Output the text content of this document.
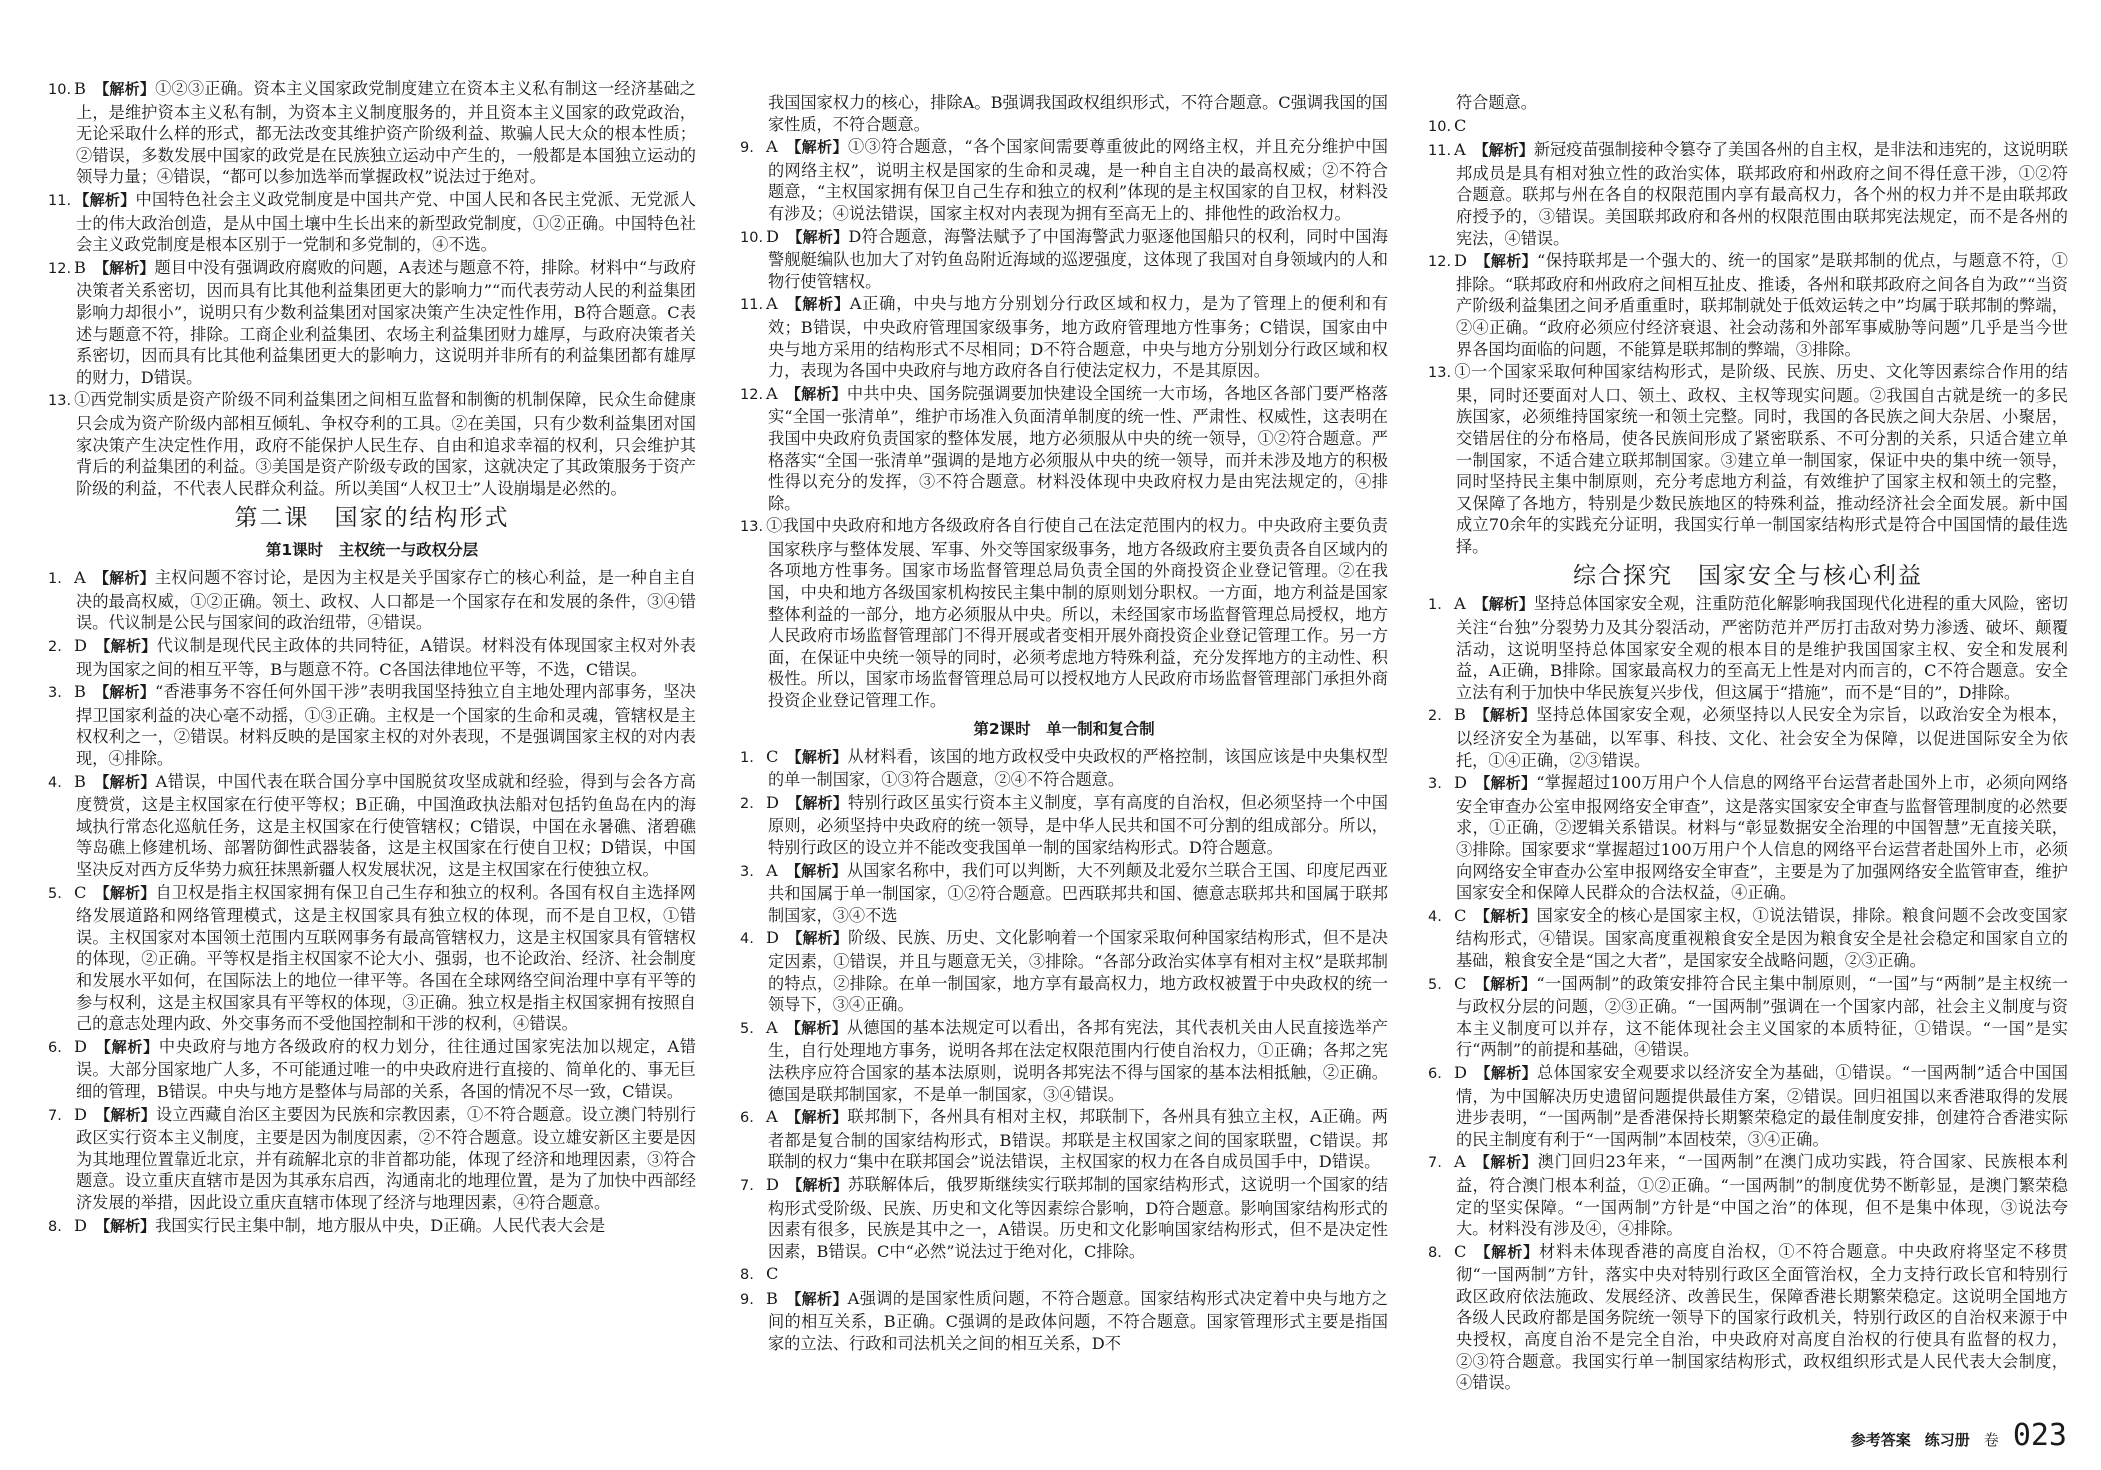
10. B  【解析】①②③正确。资本主义国家政党制度建立在资本主义私有制这一经济基础之上，是维护资本主义私有制，为资本主义制度服务的，并且资本主义国家的政党政治，无论采取什么样的形式，都无法改变其维护资产阶级利益、欺骗人民大众的根本性质；②错误，多数发展中国家的政党是在民族独立运动中产生的，一般都是本国独立运动的领导力量；④错误，“都可以参加选举而掌握政权”说法过于绝对。

11. 【解析】中国特色社会主义政党制度是中国共产党、中国人民和各民主党派、无党派人士的伟大政治创造，是从中国土壤中生长出来的新型政党制度，①②正确。中国特色社会主义政党制度是根本区别于一党制和多党制的，④不选。

12. B  【解析】题目中没有强调政府腐败的问题，A表述与题意不符，排除。材料中“与政府决策者关系密切，因而具有比其他利益集团更大的影响力”“而代表劳动人民的利益集团影响力却很小”，说明只有少数利益集团对国家决策产生决定性作用，B符合题意。C表述与题意不符，排除。工商企业利益集团、农场主利益集团财力雄厚，与政府决策者关系密切，因而具有比其他利益集团更大的影响力，这说明并非所有的利益集团都有雄厚的财力，D错误。

13. ①西党制实质是资产阶级不同利益集团之间相互监督和制衡的机制保障，民众生命健康只会成为资产阶级内部相互倾轧、争权夺利的工具。②在美国，只有少数利益集团对国家决策产生决定性作用，政府不能保护人民生存、自由和追求幸福的权利，只会维护其背后的利益集团的利益。③美国是资产阶级专政的国家，这就决定了其政策服务于资产阶级的利益，不代表人民群众利益。所以美国“人权卫士”人设崩塌是必然的。

第二课　国家的结构形式
第1课时　主权统一与政权分层

1. A  【解析】主权问题不容讨论，是因为主权是关乎国家存亡的核心利益，是一种自主自决的最高权威，①②正确。领土、政权、人口都是一个国家存在和发展的条件，③④错误。代议制是公民与国家间的政治纽带，④错误。

2. D  【解析】代议制是现代民主政体的共同特征，A错误。材料没有体现国家主权对外表现为国家之间的相互平等，B与题意不符。C各国法律地位平等，不选，C错误。

3. B  【解析】“香港事务不容任何外国干涉”表明我国坚持独立自主地处理内部事务，坚决捍卫国家利益的决心毫不动摇，①③正确。主权是一个国家的生命和灵魂，管辖权是主权权利之一，②错误。材料反映的是国家主权的对外表现，不是强调国家主权的对内表现，④排除。

4. B  【解析】A错误，中国代表在联合国分享中国脱贫攻坚成就和经验，得到与会各方高度赞赏，这是主权国家在行使平等权；B正确，中国渔政执法船对包括钓鱼岛在内的海域执行常态化巡航任务，这是主权国家在行使管辖权；C错误，中国在永暑礁、渚碧礁等岛礁上修建机场、部署防御性武器装备，这是主权国家在行使自卫权；D错误，中国坚决反对西方反华势力疯狂抹黑新疆人权发展状况，这是主权国家在行使独立权。

5. C  【解析】自卫权是指主权国家拥有保卫自己生存和独立的权利。各国有权自主选择网络发展道路和网络管理模式，这是主权国家具有独立权的体现，而不是自卫权，①错误。主权国家对本国领土范围内互联网事务有最高管辖权力，这是主权国家具有管辖权的体现，②正确。平等权是指主权国家不论大小、强弱，也不论政治、经济、社会制度和发展水平如何，在国际法上的地位一律平等。各国在全球网络空间治理中享有平等的参与权利，这是主权国家具有平等权的体现，③正确。独立权是指主权国家拥有按照自己的意志处理内政、外交事务而不受他国控制和干涉的权利，④错误。

6. D  【解析】中央政府与地方各级政府的权力划分，往往通过国家宪法加以规定，A错误。大部分国家地广人多，不可能通过唯一的中央政府进行直接的、简单化的、事无巨细的管理，B错误。中央与地方是整体与局部的关系，各国的情况不尽一致，C错误。

7. D  【解析】设立西藏自治区主要因为民族和宗教因素，①不符合题意。设立澳门特别行政区实行资本主义制度，主要是因为制度因素，②不符合题意。设立雄安新区主要是因为其地理位置靠近北京，并有疏解北京的非首都功能，体现了经济和地理因素，③符合题意。设立重庆直辖市是因为其承东启西，沟通南北的地理位置，是为了加快中西部经济发展的举措，因此设立重庆直辖市体现了经济与地理因素，④符合题意。

8. D  【解析】我国实行民主集中制，地方服从中央，D正确。人民代表大会是

我国国家权力的核心，排除A。B强调我国政权组织形式，不符合题意。C强调我国的国家性质，不符合题意。

9. A  【解析】①③符合题意，“各个国家间需要尊重彼此的网络主权，并且充分维护中国的网络主权”，说明主权是国家的生命和灵魂，是一种自主自决的最高权威；②不符合题意，“主权国家拥有保卫自己生存和独立的权利”体现的是主权国家的自卫权，材料没有涉及；④说法错误，国家主权对内表现为拥有至高无上的、排他性的政治权力。

10. D  【解析】D符合题意，海警法赋予了中国海警武力驱逐他国船只的权利，同时中国海警舰艇编队也加大了对钓鱼岛附近海域的巡逻强度，这体现了我国对自身领域内的人和物行使管辖权。

11. A  【解析】A正确，中央与地方分别划分行政区域和权力，是为了管理上的便利和有效；B错误，中央政府管理国家级事务，地方政府管理地方性事务；C错误，国家由中央与地方采用的结构形式不尽相同；D不符合题意，中央与地方分别划分行政区域和权力，表现为各国中央政府与地方政府各自行使法定权力，不是其原因。

12. A  【解析】中共中央、国务院强调要加快建设全国统一大市场，各地区各部门要严格落实“全国一张清单”，维护市场准入负面清单制度的统一性、严肃性、权威性，这表明在我国中央政府负责国家的整体发展，地方必须服从中央的统一领导，①②符合题意。严格落实“全国一张清单”强调的是地方必须服从中央的统一领导，而并未涉及地方的积极性得以充分的发挥，③不符合题意。材料没体现中央政府权力是由宪法规定的，④排除。

13. ①我国中央政府和地方各级政府各自行使自己在法定范围内的权力。中央政府主要负责国家秩序与整体发展、军事、外交等国家级事务，地方各级政府主要负责各自区域内的各项地方性事务。国家市场监督管理总局负责全国的外商投资企业登记管理。②在我国，中央和地方各级国家机构按民主集中制的原则划分职权。一方面，地方利益是国家整体利益的一部分，地方必须服从中央。所以，未经国家市场监督管理总局授权，地方人民政府市场监督管理部门不得开展或者变相开展外商投资企业登记管理工作。另一方面，在保证中央统一领导的同时，必须考虑地方特殊利益，充分发挥地方的主动性、积极性。所以，国家市场监督管理总局可以授权地方人民政府市场监督管理部门承担外商投资企业登记管理工作。

第2课时　单一制和复合制

1. C  【解析】从材料看，该国的地方政权受中央政权的严格控制，该国应该是中央集权型的单一制国家，①③符合题意，②④不符合题意。

2. D  【解析】特别行政区虽实行资本主义制度，享有高度的自治权，但必须坚持一个中国原则，必须坚持中央政府的统一领导，是中华人民共和国不可分割的组成部分。所以，特别行政区的设立并不能改变我国单一制的国家结构形式。D符合题意。

3. A  【解析】从国家名称中，我们可以判断，大不列颠及北爱尔兰联合王国、印度尼西亚共和国属于单一制国家，①②符合题意。巴西联邦共和国、德意志联邦共和国属于联邦制国家，③④不选

4. D  【解析】阶级、民族、历史、文化影响着一个国家采取何种国家结构形式，但不是决定因素，①错误，并且与题意无关，③排除。“各部分政治实体享有相对主权”是联邦制的特点，②排除。在单一制国家，地方享有最高权力，地方政权被置于中央政权的统一领导下，③④正确。

5. A  【解析】从德国的基本法规定可以看出，各邦有宪法，其代表机关由人民直接选举产生，自行处理地方事务，说明各邦在法定权限范围内行使自治权力，①正确；各邦之宪法秩序应符合国家的基本法原则，说明各邦宪法不得与国家的基本法相抵触，②正确。德国是联邦制国家，不是单一制国家，③④错误。

6. A  【解析】联邦制下，各州具有相对主权，邦联制下，各州具有独立主权，A正确。两者都是复合制的国家结构形式，B错误。邦联是主权国家之间的国家联盟，C错误。邦联制的权力“集中在联邦国会”说法错误，主权国家的权力在各自成员国手中，D错误。

7. D  【解析】苏联解体后，俄罗斯继续实行联邦制的国家结构形式，这说明一个国家的结构形式受阶级、民族、历史和文化等因素综合影响，D符合题意。影响国家结构形式的因素有很多，民族是其中之一，A错误。历史和文化影响国家结构形式，但不是决定性因素，B错误。C中“必然”说法过于绝对化，C排除。

8. C 

9. B  【解析】A强调的是国家性质问题，不符合题意。国家结构形式决定着中央与地方之间的相互关系，B正确。C强调的是政体问题，不符合题意。国家管理形式主要是指国家的立法、行政和司法机关之间的相互关系，D不

符合题意。

10. C 

11. A  【解析】新冠疫苗强制接种令篡夺了美国各州的自主权，是非法和违宪的，这说明联邦成员是具有相对独立性的政治实体，联邦政府和州政府之间不得任意干涉，①②符合题意。联邦与州在各自的权限范围内享有最高权力，各个州的权力并不是由联邦政府授予的，③错误。美国联邦政府和各州的权限范围由联邦宪法规定，而不是各州的宪法，④错误。

12. D  【解析】“保持联邦是一个强大的、统一的国家”是联邦制的优点，与题意不符，①排除。“联邦政府和州政府之间相互扯皮、推诿，各州和联邦政府之间各自为政”“当资产阶级利益集团之间矛盾重重时，联邦制就处于低效运转之中”均属于联邦制的弊端，②④正确。“政府必须应付经济衰退、社会动荡和外部军事威胁等问题”几乎是当今世界各国均面临的问题，不能算是联邦制的弊端，③排除。

13. ①一个国家采取何种国家结构形式，是阶级、民族、历史、文化等因素综合作用的结果，同时还要面对人口、领土、政权、主权等现实问题。②我国自古就是统一的多民族国家，必须维持国家统一和领土完整。同时，我国的各民族之间大杂居、小聚居，交错居住的分布格局，使各民族间形成了紧密联系、不可分割的关系，只适合建立单一制国家，不适合建立联邦制国家。③建立单一制国家，保证中央的集中统一领导，同时坚持民主集中制原则，充分考虑地方利益，有效维护了国家主权和领土的完整，又保障了各地方，特别是少数民族地区的特殊利益，推动经济社会全面发展。新中国成立70余年的实践充分证明，我国实行单一制国家结构形式是符合中国国情的最佳选择。

综合探究　国家安全与核心利益

1. A  【解析】坚持总体国家安全观，注重防范化解影响我国现代化进程的重大风险，密切关注“台独”分裂势力及其分裂活动，严密防范并严厉打击敌对势力渗透、破坏、颠覆活动，这说明坚持总体国家安全观的根本目的是维护我国国家主权、安全和发展利益，A正确，B排除。国家最高权力的至高无上性是对内而言的，C不符合题意。安全立法有利于加快中华民族复兴步伐，但这属于“措施”，而不是“目的”，D排除。

2. B  【解析】坚持总体国家安全观，必须坚持以人民安全为宗旨，以政治安全为根本，以经济安全为基础，以军事、科技、文化、社会安全为保障，以促进国际安全为依托，①④正确，②③错误。

3. D  【解析】“掌握超过100万用户个人信息的网络平台运营者赴国外上市，必须向网络安全审查办公室申报网络安全审查”，这是落实国家安全审查与监督管理制度的必然要求，①正确，②逻辑关系错误。材料与“彰显数据安全治理的中国智慧”无直接关联，③排除。国家要求“掌握超过100万用户个人信息的网络平台运营者赴国外上市，必须向网络安全审查办公室申报网络安全审查”，主要是为了加强网络安全监管审查，维护国家安全和保障人民群众的合法权益，④正确。

4. C  【解析】国家安全的核心是国家主权，①说法错误，排除。粮食问题不会改变国家结构形式，④错误。国家高度重视粮食安全是因为粮食安全是社会稳定和国家自立的基础，粮食安全是“国之大者”，是国家安全战略问题，②③正确。

5. C  【解析】“一国两制”的政策安排符合民主集中制原则，“一国”与“两制”是主权统一与政权分层的问题，②③正确。“一国两制”强调在一个国家内部，社会主义制度与资本主义制度可以并存，这不能体现社会主义国家的本质特征，①错误。“一国”是实行“两制”的前提和基础，④错误。

6. D  【解析】总体国家安全观要求以经济安全为基础，①错误。“一国两制”适合中国国情，为中国解决历史遗留问题提供最佳方案，②错误。回归祖国以来香港取得的发展进步表明，“一国两制”是香港保持长期繁荣稳定的最佳制度安排，创建符合香港实际的民主制度有利于“一国两制”本固枝荣，③④正确。

7. A  【解析】澳门回归23年来，“一国两制”在澳门成功实践，符合国家、民族根本利益，符合澳门根本利益，①②正确。“一国两制”的制度优势不断彰显，是澳门繁荣稳定的坚实保障。“一国两制”方针是“中国之治”的体现，但不是集中体现，③说法夸大。材料没有涉及④，④排除。

8. C  【解析】材料未体现香港的高度自治权，①不符合题意。中央政府将坚定不移贯彻“一国两制”方针，落实中央对特别行政区全面管治权，全力支持行政长官和特别行政区政府依法施政、发展经济、改善民生，保障香港长期繁荣稳定。这说明全国地方各级人民政府都是国务院统一领导下的国家行政机关，特别行政区的自治权来源于中央授权，高度自治不是完全自治，中央政府对高度自治权的行使具有监督的权力，②③符合题意。我国实行单一制国家结构形式，政权组织形式是人民代表大会制度，④错误。

参考答案 练习册 卷 023
